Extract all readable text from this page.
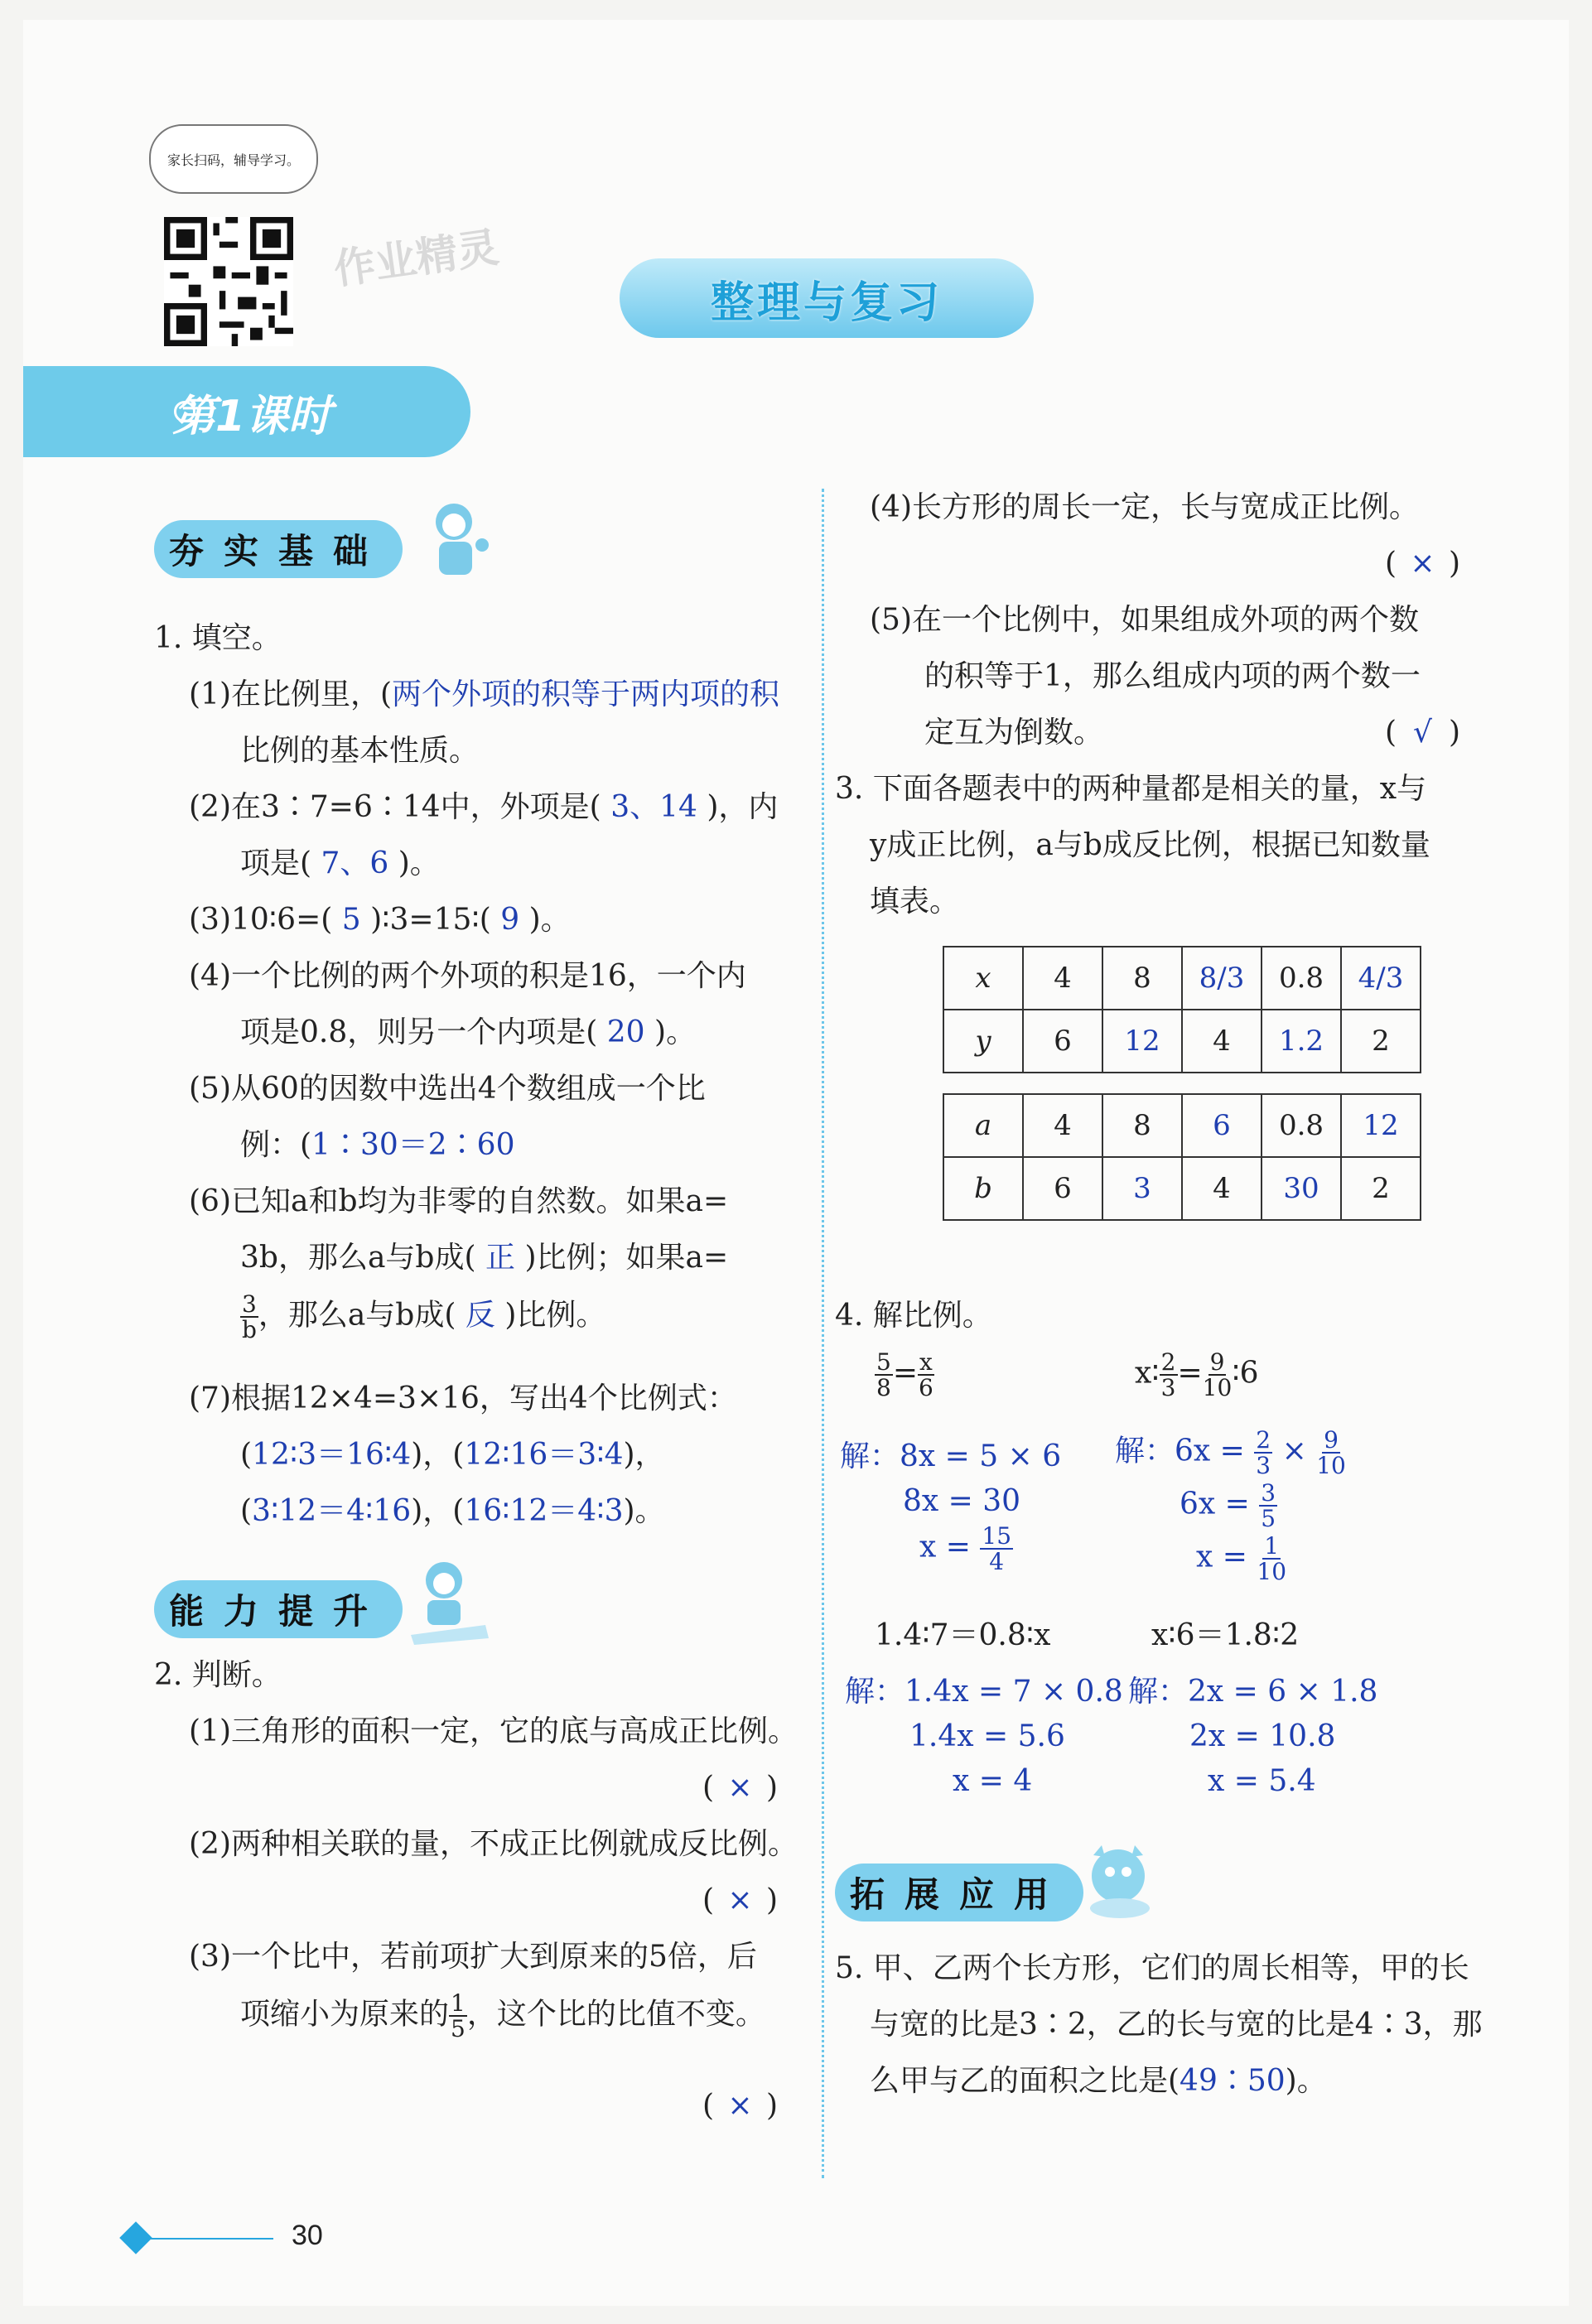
家长扫码，辅导学习。
作业精灵
整理与复习
第1课时
夯实基础
1. 填空。
(1)在比例里，(两个外项的积等于两内项的积
比例的基本性质。
(2)在3∶7=6∶14中，外项是( 3、14 )，内
项是( 7、6 )。
(3)10∶6=( 5 )∶3=15∶( 9 )。
(4)一个比例的两个外项的积是16，一个内
项是0.8，则另一个内项是( 20 )。
(5)从60的因数中选出4个数组成一个比
例：(1∶30＝2∶60
(6)已知a和b均为非零的自然数。如果a=
3b，那么a与b成( 正 )比例；如果a=
$\frac{3}{b}$ ，那么a与b成( 反 )比例。
(7)根据12×4=3×16，写出4个比例式：
(12∶3＝16∶4)，(12∶16＝3∶4)，
(3∶12＝4∶16)，(16∶12＝4∶3)。
能力提升
2. 判断。
(1)三角形的面积一定，它的底与高成正比例。
( × )
(2)两种相关联的量，不成正比例就成反比例。
( × )
(3)一个比中，若前项扩大到原来的5倍，后
项缩小为原来的 $\frac{1}{5}$ ，这个比的比值不变。
( × )
(4)长方形的周长一定，长与宽成正比例。
( × )
(5)在一个比例中，如果组成外项的两个数
的积等于1，那么组成内项的两个数一
定互为倒数。	( √ )
3. 下面各题表中的两种量都是相关的量，x与
y成正比例，a与b成反比例，根据已知数量
填表。
x	4	8	8/3	0.8	4/3
y	6	12	4	1.2	2
a	4	8	6	0.8	12
b	6	3	4	30	2
4. 解比例。
$\frac{5}{8} = \frac{x}{6}$
解：8x = 5 × 6
8x = 30
$x = \frac{15}{4}$
x∶ $\frac{2}{3} = \frac{9}{10}$ ∶6
解：$6x = \frac{2}{3} \times \frac{9}{10}$
$6x = \frac{3}{5}$
$x = \frac{1}{10}$
1.4∶7＝0.8∶x
解：1.4x = 7 × 0.8
1.4x = 5.6
x = 4
x∶6＝1.8∶2
解：2x = 6 × 1.8
2x = 10.8
x = 5.4
拓展应用
5. 甲、乙两个长方形，它们的周长相等，甲的长
与宽的比是3∶2，乙的长与宽的比是4∶3，那
么甲与乙的面积之比是(49∶50)。
30
